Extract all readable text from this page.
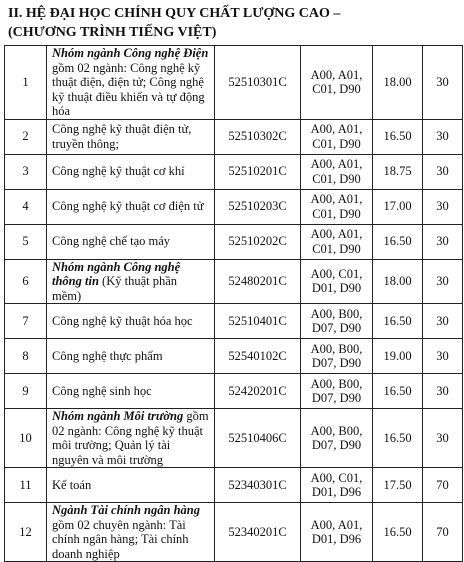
II. HỆ ĐẠI HỌC CHÍNH QUY CHẤT LƯỢNG CAO –
(CHƯƠNG TRÌNH TIẾNG VIỆT)
1	Nhóm ngành Công nghệ Điện gồm 02 ngành: Công nghệ kỹ thuật điện, điện tử; Công nghệ kỹ thuật điều khiển và tự động hóa	52510301C	A00, A01, C01, D90	18.00	30
2	Công nghệ kỹ thuật điện tử, truyền thông;	52510302C	A00, A01, C01, D90	16.50	30
3	Công nghệ kỹ thuật cơ khí	52510201C	A00, A01, C01, D90	18.75	30
4	Công nghệ kỹ thuật cơ điện tử	52510203C	A00, A01, C01, D90	17.00	30
5	Công nghệ chế tạo máy	52510202C	A00, A01, C01, D90	16.50	30
6	Nhóm ngành Công nghệ thông tin (Kỹ thuật phần mềm)	52480201C	A00, C01, D01, D90	18.00	30
7	Công nghệ kỹ thuật hóa học	52510401C	A00, B00, D07, D90	16.50	30
8	Công nghệ thực phẩm	52540102C	A00, B00, D07, D90	19.00	30
9	Công nghệ sinh học	52420201C	A00, B00, D07, D90	16.50	30
10	Nhóm ngành Môi trường gồm 02 ngành: Công nghệ kỹ thuật môi trường; Quản lý tài nguyên và môi trường	52510406C	A00, B00, D07, D90	16.50	30
11	Kế toán	52340301C	A00, C01, D01, D96	17.50	70
12	Ngành Tài chính ngân hàng gồm 02 chuyên ngành: Tài chính ngân hàng; Tài chính doanh nghiệp	52340201C	A00, A01, D01, D96	16.50	70
